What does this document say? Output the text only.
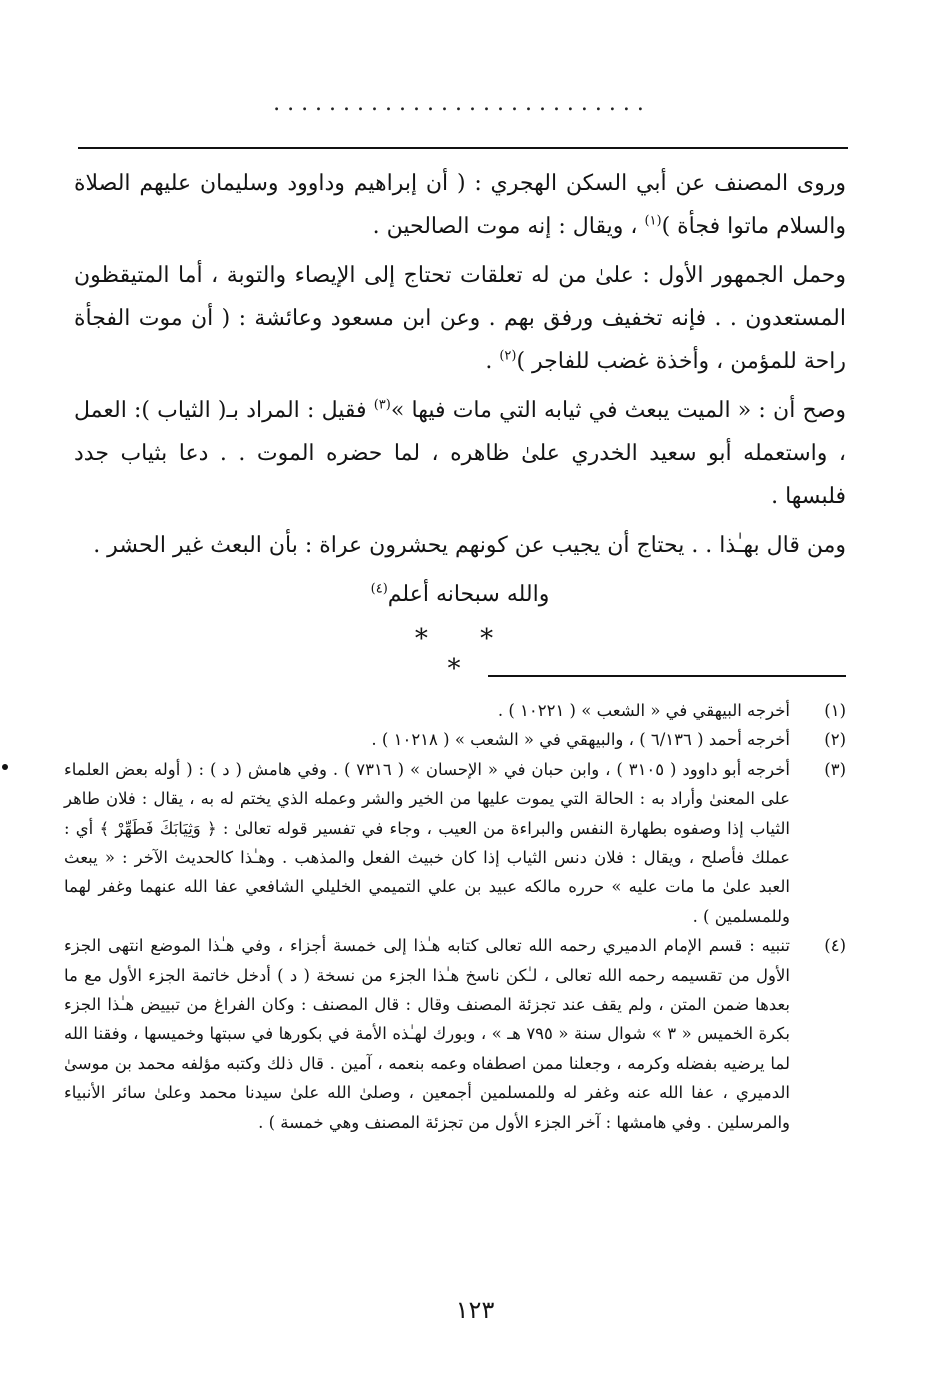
...........................

وروى المصنف عن أبي السكن الهجري : ( أن إبراهيم وداوود وسليمان عليهم الصلاة والسلام ماتوا فجأة )$^{(١)}$ ، ويقال : إنه موت الصالحين .

وحمل الجمهور الأول : علىٰ من له تعلقات تحتاج إلى الإيصاء والتوبة ، أما المتيقظون المستعدون . . فإنه تخفيف ورفق بهم . وعن ابن مسعود وعائشة : ( أن موت الفجأة راحة للمؤمن ، وأخذة غضب للفاجر )$^{(٢)}$ .

وصح أن : « الميت يبعث في ثيابه التي مات فيها »$^{(٣)}$ فقيل : المراد بـ( الثياب ): العمل ، واستعمله أبو سعيد الخدري علىٰ ظاهره ، لما حضره الموت . . دعا بثياب جدد فلبسها .

ومن قال بهـٰذا . . يحتاج أن يجيب عن كونهم يحشرون عراة : بأن البعث غير الحشر .

والله سبحانه أعلم$^{(٤)}$

* * *
(١)
أخرجه البيهقي في « الشعب » ( ١٠٢٢١ ) .
(٢)
أخرجه أحمد ( ٦/١٣٦ ) ، والبيهقي في « الشعب » ( ١٠٢١٨ ) .
(٣)
أخرجه أبو داوود ( ٣١٠٥ ) ، وابن حبان في « الإحسان » ( ٧٣١٦ ) . وفي هامش ( د ) : ( أوله بعض العلماء على المعنىٰ وأراد به : الحالة التي يموت عليها من الخير والشر وعمله الذي يختم له به ، يقال : فلان طاهر الثياب إذا وصفوه بطهارة النفس والبراءة من العيب ، وجاء في تفسير قوله تعالىٰ : ﴿ وَثِيَابَكَ فَطَهِّرْ ﴾ أي : عملك فأصلح ، ويقال : فلان دنس الثياب إذا كان خبيث الفعل والمذهب . وهـٰذا كالحديث الآخر : « يبعث العبد علىٰ ما مات عليه » حرره مالكه عبيد بن علي التميمي الخليلي الشافعي عفا الله عنهما وغفر لهما وللمسلمين ) .
(٤)
تنبيه : قسم الإمام الدميري رحمه الله تعالى كتابه هـٰذا إلى خمسة أجزاء ، وفي هـٰذا الموضع انتهى الجزء الأول من تقسيمه رحمه الله تعالى ، لـٰكن ناسخ هـٰذا الجزء من نسخة ( د ) أدخل خاتمة الجزء الأول مع ما بعدها ضمن المتن ، ولم يقف عند تجزئة المصنف وقال : قال المصنف : وكان الفراغ من تبييض هـٰذا الجزء بكرة الخميس « ٣ » شوال سنة « ٧٩٥ هـ » ، وبورك لهـٰذه الأمة في بكورها في سبتها وخميسها ، وفقنا الله لما يرضيه بفضله وكرمه ، وجعلنا ممن اصطفاه وعمه بنعمه ، آمين . قال ذلك وكتبه مؤلفه محمد بن موسىٰ الدميري ، عفا الله عنه وغفر له وللمسلمين أجمعين ، وصلىٰ الله علىٰ سيدنا محمد وعلىٰ سائر الأنبياء والمرسلين . وفي هامشها : آخر الجزء الأول من تجزئة المصنف وهي خمسة ) .
١٢٣
